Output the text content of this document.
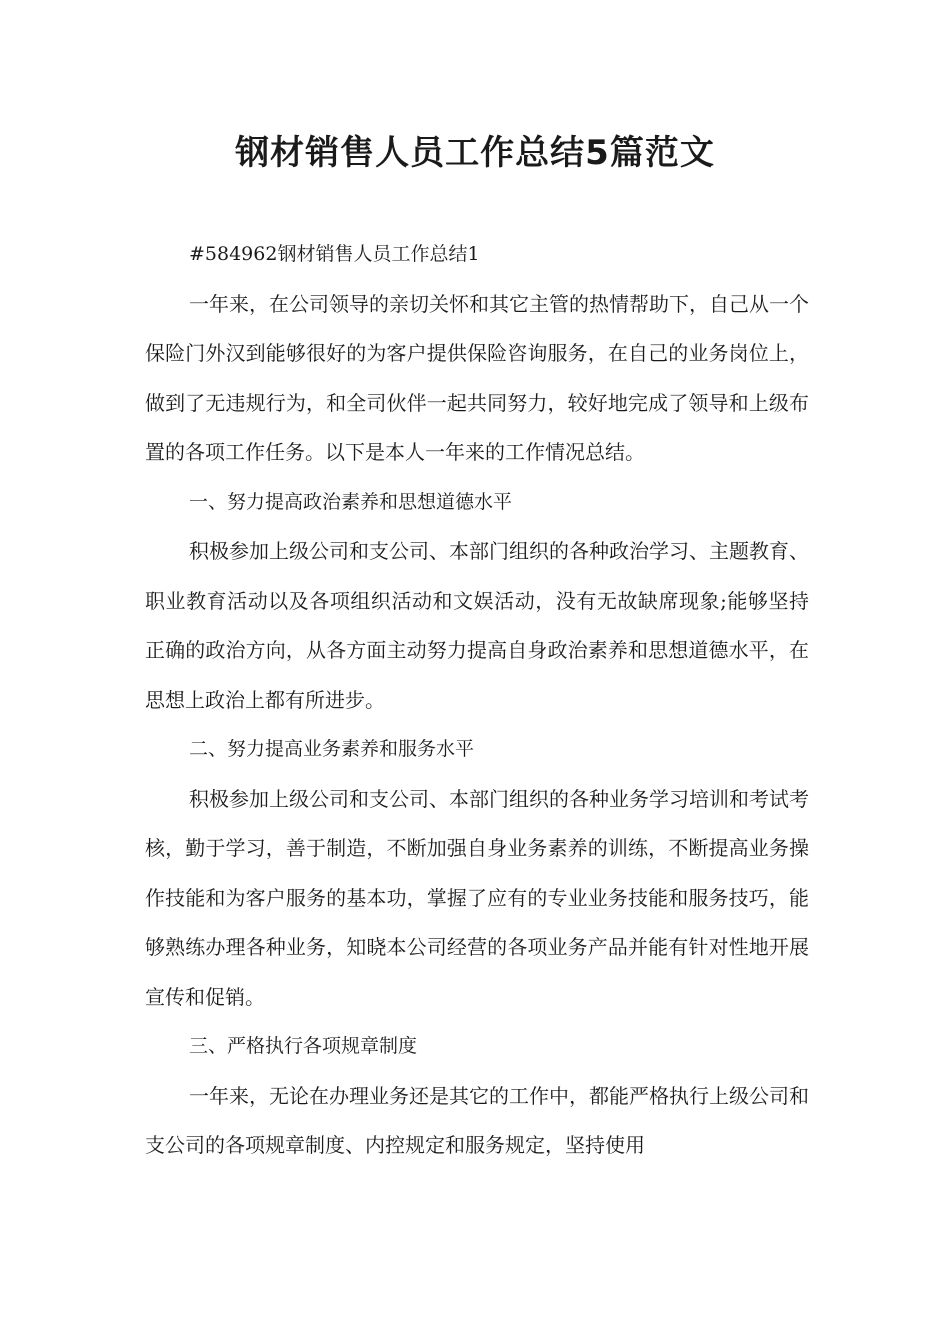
钢材销售人员工作总结5篇范文

#584962钢材销售人员工作总结1

一年来，在公司领导的亲切关怀和其它主管的热情帮助下，自己从一个保险门外汉到能够很好的为客户提供保险咨询服务，在自己的业务岗位上，做到了无违规行为，和全司伙伴一起共同努力，较好地完成了领导和上级布置的各项工作任务。以下是本人一年来的工作情况总结。

一、努力提高政治素养和思想道德水平

积极参加上级公司和支公司、本部门组织的各种政治学习、主题教育、职业教育活动以及各项组织活动和文娱活动，没有无故缺席现象;能够坚持正确的政治方向，从各方面主动努力提高自身政治素养和思想道德水平，在思想上政治上都有所进步。

二、努力提高业务素养和服务水平

积极参加上级公司和支公司、本部门组织的各种业务学习培训和考试考核，勤于学习，善于制造，不断加强自身业务素养的训练，不断提高业务操作技能和为客户服务的基本功，掌握了应有的专业业务技能和服务技巧，能够熟练办理各种业务，知晓本公司经营的各项业务产品并能有针对性地开展宣传和促销。

三、严格执行各项规章制度

一年来，无论在办理业务还是其它的工作中，都能严格执行上级公司和支公司的各项规章制度、内控规定和服务规定，坚持使用
